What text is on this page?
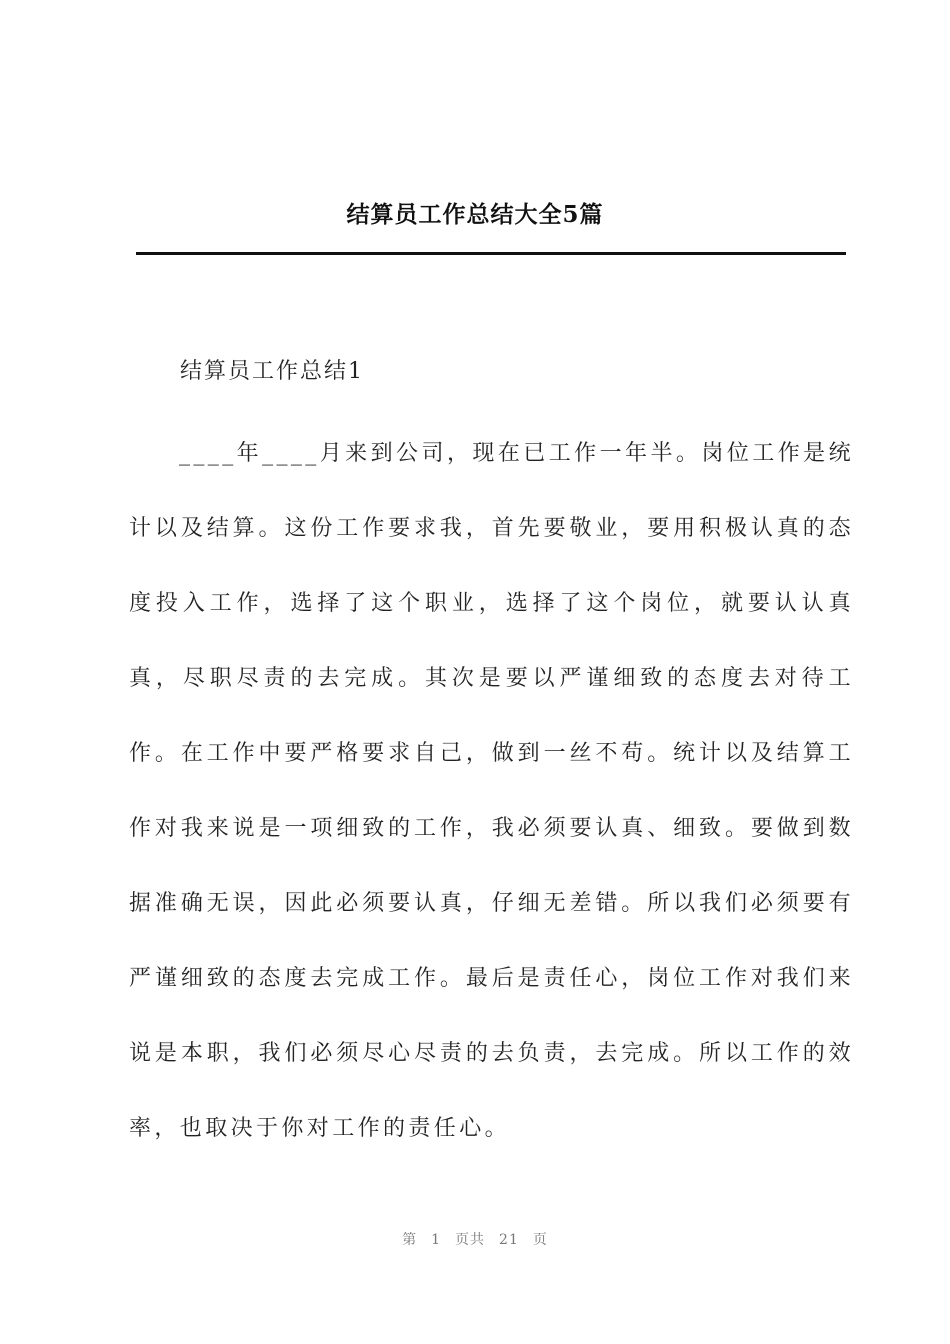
结算员工作总结大全5篇
结算员工作总结1

____年____月来到公司，现在已工作一年半。岗位工作是统计以及结算。这份工作要求我，首先要敬业，要用积极认真的态度投入工作，选择了这个职业，选择了这个岗位，就要认认真真，尽职尽责的去完成。其次是要以严谨细致的态度去对待工作。在工作中要严格要求自己，做到一丝不苟。统计以及结算工作对我来说是一项细致的工作，我必须要认真、细致。要做到数据准确无误，因此必须要认真，仔细无差错。所以我们必须要有严谨细致的态度去完成工作。最后是责任心，岗位工作对我们来说是本职，我们必须尽心尽责的去负责，去完成。所以工作的效率，也取决于你对工作的责任心。

第 1 页共 21 页
